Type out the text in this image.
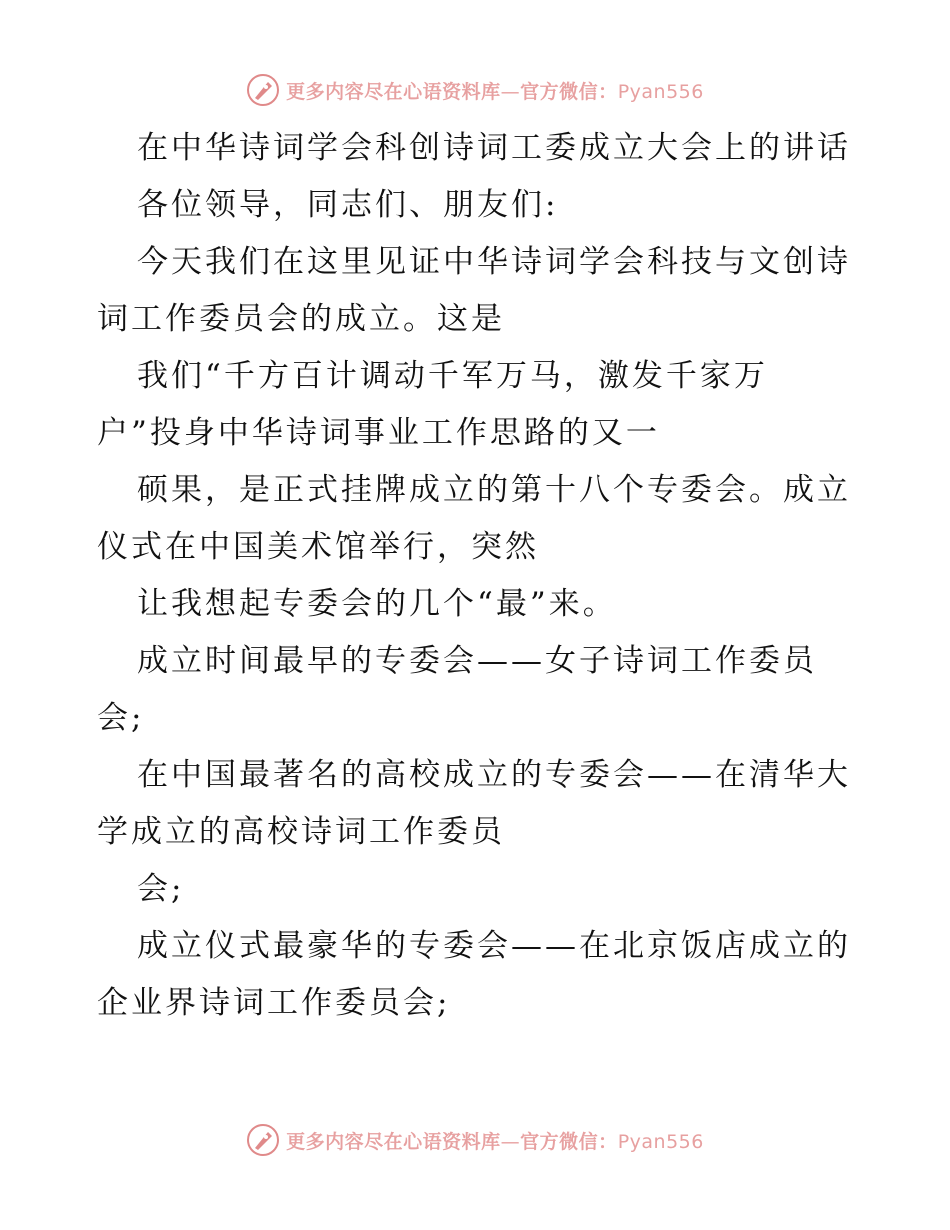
更多内容尽在心语资料库—官方微信：Pyan556
在中华诗词学会科创诗词工委成立大会上的讲话
各位领导，同志们、朋友们:
今天我们在这里见证中华诗词学会科技与文创诗
词工作委员会的成立。这是
我们“千方百计调动千军万马，激发千家万
户”投身中华诗词事业工作思路的又一
硕果，是正式挂牌成立的第十八个专委会。成立
仪式在中国美术馆举行，突然
让我想起专委会的几个“最”来。
成立时间最早的专委会——女子诗词工作委员
会;
在中国最著名的高校成立的专委会——在清华大
学成立的高校诗词工作委员
会;
成立仪式最豪华的专委会——在北京饭店成立的
企业界诗词工作委员会;
更多内容尽在心语资料库—官方微信：Pyan556
